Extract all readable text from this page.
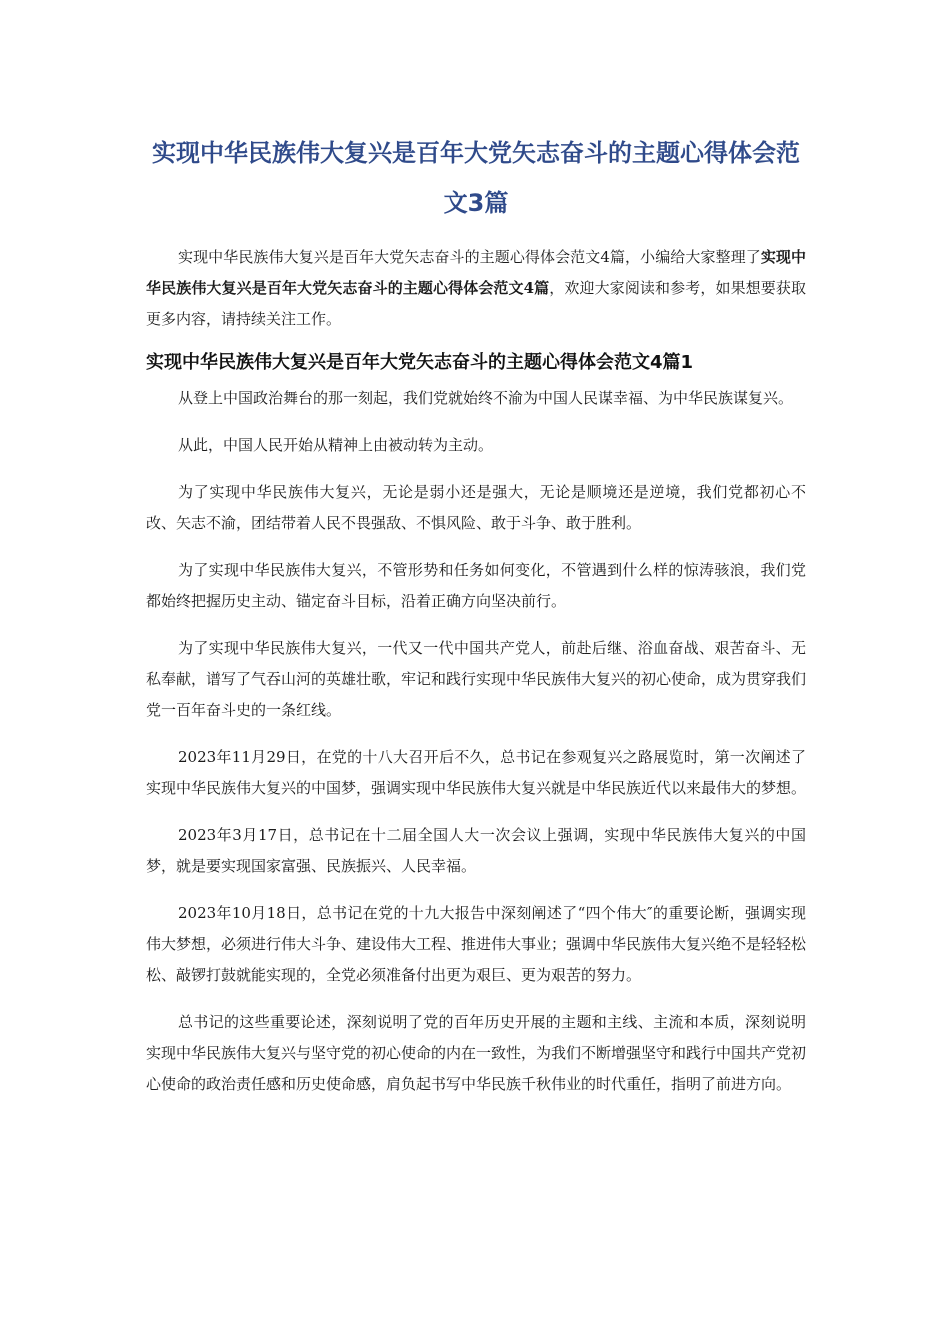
实现中华民族伟大复兴是百年大党矢志奋斗的主题心得体会范
文3篇

实现中华民族伟大复兴是百年大党矢志奋斗的主题心得体会范文4篇，小编给大家整理了实现中华民族伟大复兴是百年大党矢志奋斗的主题心得体会范文4篇，欢迎大家阅读和参考，如果想要获取更多内容，请持续关注工作。

实现中华民族伟大复兴是百年大党矢志奋斗的主题心得体会范文4篇1

从登上中国政治舞台的那一刻起，我们党就始终不渝为中国人民谋幸福、为中华民族谋复兴。

从此，中国人民开始从精神上由被动转为主动。

为了实现中华民族伟大复兴，无论是弱小还是强大，无论是顺境还是逆境，我们党都初心不改、矢志不渝，团结带着人民不畏强敌、不惧风险、敢于斗争、敢于胜利。

为了实现中华民族伟大复兴，不管形势和任务如何变化，不管遇到什么样的惊涛骇浪，我们党都始终把握历史主动、锚定奋斗目标，沿着正确方向坚决前行。

为了实现中华民族伟大复兴，一代又一代中国共产党人，前赴后继、浴血奋战、艰苦奋斗、无私奉献，谱写了气吞山河的英雄壮歌，牢记和践行实现中华民族伟大复兴的初心使命，成为贯穿我们党一百年奋斗史的一条红线。

2023年11月29日，在党的十八大召开后不久，总书记在参观复兴之路展览时，第一次阐述了实现中华民族伟大复兴的中国梦，强调实现中华民族伟大复兴就是中华民族近代以来最伟大的梦想。

2023年3月17日，总书记在十二届全国人大一次会议上强调，实现中华民族伟大复兴的中国梦，就是要实现国家富强、民族振兴、人民幸福。

2023年10月18日，总书记在党的十九大报告中深刻阐述了“四个伟大″的重要论断，强调实现伟大梦想，必须进行伟大斗争、建设伟大工程、推进伟大事业；强调中华民族伟大复兴绝不是轻轻松松、敲锣打鼓就能实现的，全党必须准备付出更为艰巨、更为艰苦的努力。

总书记的这些重要论述，深刻说明了党的百年历史开展的主题和主线、主流和本质，深刻说明实现中华民族伟大复兴与坚守党的初心使命的内在一致性，为我们不断增强坚守和践行中国共产党初心使命的政治责任感和历史使命感，肩负起书写中华民族千秋伟业的时代重任，指明了前进方向。
